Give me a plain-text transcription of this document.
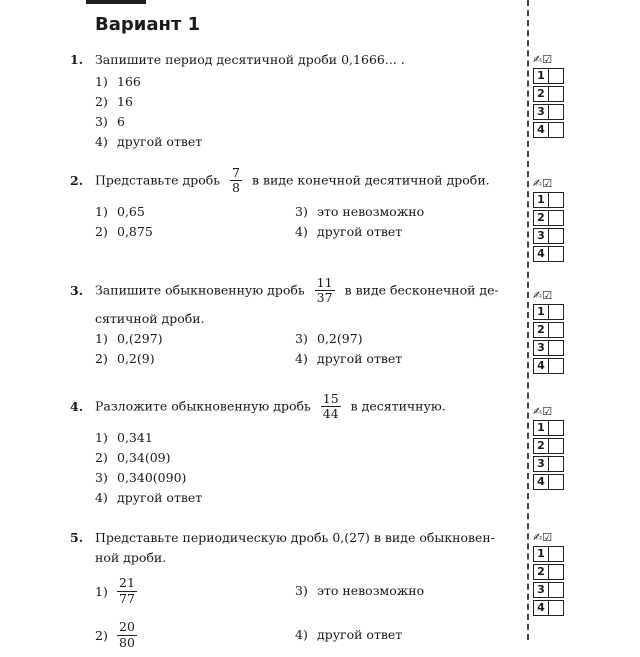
Вариант 1
1. Запишите период десятичной дроби 0,1666... .
1) 166
2) 16
3) 6
4) другой ответ
2. Представьте дробь $\frac{7}{8}$ в виде конечной десятичной дроби.
1) 0,65	3) это невозможно
2) 0,875	4) другой ответ
3. Запишите обыкновенную дробь $\frac{11}{37}$ в виде бесконечной де-
сятичной дроби.
1) 0,(297)	3) 0,2(97)
2) 0,2(9)	4) другой ответ
4. Разложите обыкновенную дробь $\frac{15}{44}$ в десятичную.
1) 0,341
2) 0,34(09)
3) 0,340(090)
4) другой ответ
5. Представьте периодическую дробь 0,(27) в виде обыкновен-
ной дроби.
$1) \frac{21}{77}$	3) это невозможно
$2) \frac{20}{80}$	4) другой ответ
✍☑
1
2
3
4
✍☑
1
2
3
4
✍☑
1
2
3
4
✍☑
1
2
3
4
✍☑
1
2
3
4
